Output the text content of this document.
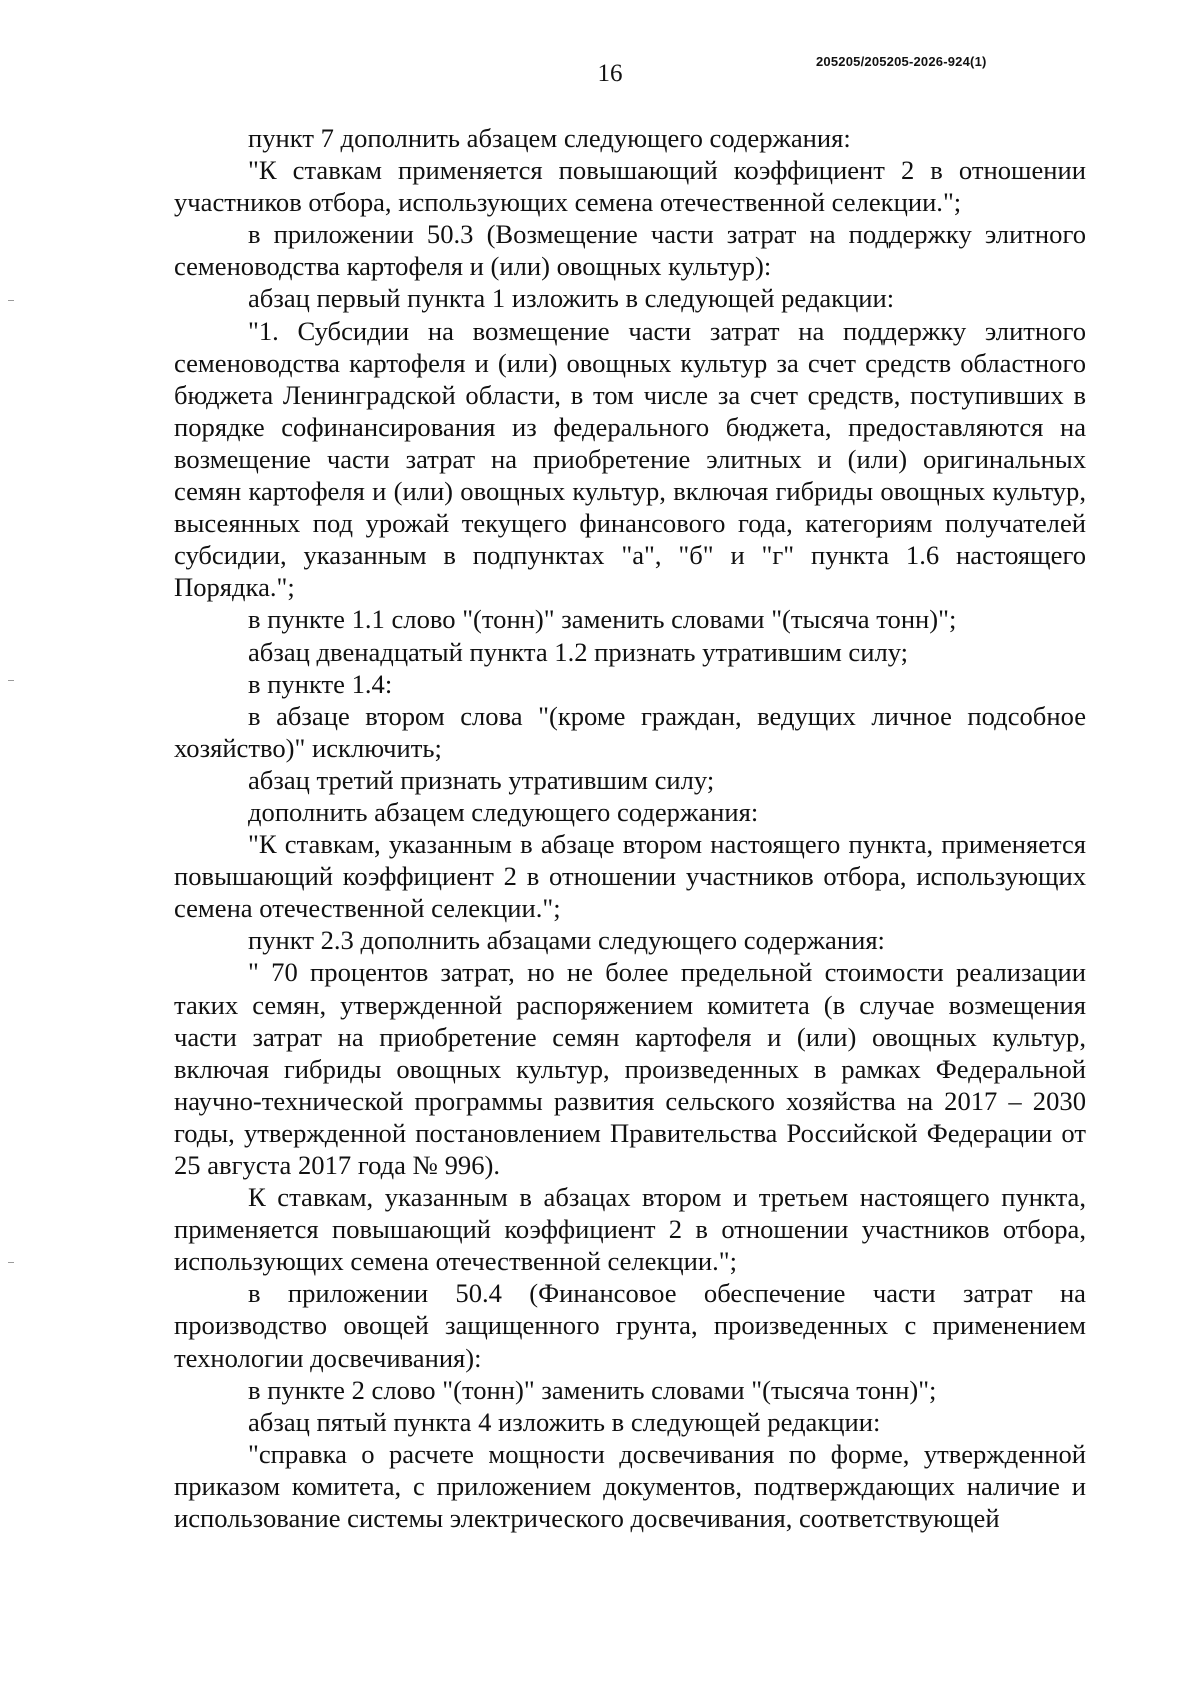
16	205205/205205-2026-924(1)

пункт 7 дополнить абзацем следующего содержания:

"К ставкам применяется повышающий коэффициент 2 в отношении участников отбора, использующих семена отечественной селекции.";

в приложении 50.3 (Возмещение части затрат на поддержку элитного семеноводства картофеля и (или) овощных культур):

абзац первый пункта 1 изложить в следующей редакции:

"1. Субсидии на возмещение части затрат на поддержку элитного семеноводства картофеля и (или) овощных культур за счет средств областного бюджета Ленинградской области, в том числе за счет средств, поступивших в порядке софинансирования из федерального бюджета, предоставляются на возмещение части затрат на приобретение элитных и (или) оригинальных семян картофеля и (или) овощных культур, включая гибриды овощных культур, высеянных под урожай текущего финансового года, категориям получателей субсидии, указанным в подпунктах "а", "б" и "г" пункта 1.6 настоящего Порядка.";

в пункте 1.1 слово "(тонн)" заменить словами "(тысяча тонн)";

абзац двенадцатый пункта 1.2 признать утратившим силу;

в пункте 1.4:

в абзаце втором слова "(кроме граждан, ведущих личное подсобное хозяйство)" исключить;

абзац третий признать утратившим силу;

дополнить абзацем следующего содержания:

"К ставкам, указанным в абзаце втором настоящего пункта, применяется повышающий коэффициент 2 в отношении участников отбора, использующих семена отечественной селекции.";

пункт 2.3 дополнить абзацами следующего содержания:

" 70 процентов затрат, но не более предельной стоимости реализации таких семян, утвержденной распоряжением комитета (в случае возмещения части затрат на приобретение семян картофеля и (или) овощных культур, включая гибриды овощных культур, произведенных в рамках Федеральной научно-технической программы развития сельского хозяйства на 2017 – 2030 годы, утвержденной постановлением Правительства Российской Федерации от 25 августа 2017 года № 996).

К ставкам, указанным в абзацах втором и третьем настоящего пункта, применяется повышающий коэффициент 2 в отношении участников отбора, использующих семена отечественной селекции.";

в приложении 50.4 (Финансовое обеспечение части затрат на производство овощей защищенного грунта, произведенных с применением технологии досвечивания):

в пункте 2 слово "(тонн)" заменить словами "(тысяча тонн)";

абзац пятый пункта 4 изложить в следующей редакции:

"справка о расчете мощности досвечивания по форме, утвержденной приказом комитета, с приложением документов, подтверждающих наличие и использование системы электрического досвечивания, соответствующей
